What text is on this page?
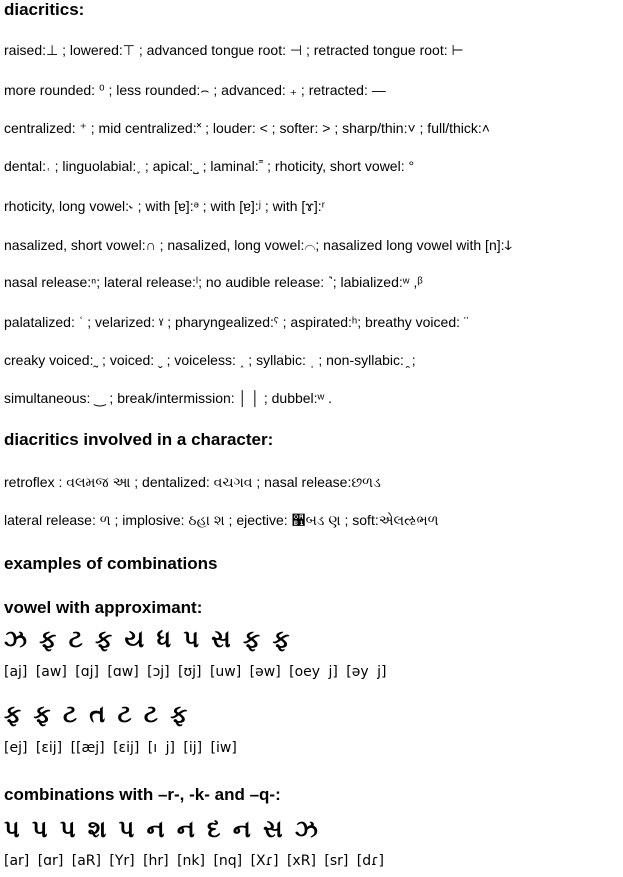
diacritics:
raised:⊥ ; lowered:⊤ ; advanced tongue root: ⊣ ; retracted tongue root: ⊢
more rounded: ⁰ ; less rounded:⌢ ; advanced: ₊ ; retracted: ―
centralized: ⁺ ; mid centralized:˟ ; louder: ˂ ; softer: ˃ ; sharp/thin:˅ ; full/thick:˄
dental:˓ ; linguolabial:˯ ; apical:˽ ; laminal:˭ ; rhoticity, short vowel: °
rhoticity, long vowel:˞ ; with [ɐ]:ᵊ ; with [ɐ]:ʲ ; with [ɤ]:ʳ
nasalized, short vowel:∩ ; nasalized, long vowel:⌒; nasalized long vowel with [n]:ↆ
nasal release:ⁿ; lateral release:ˡ; no audible release: ˺; labialized:ʷ ,ᵝ
palatalized: ʿ ; velarized: ˠ ; pharyngealized:ˤ ; aspirated:ʰ; breathy voiced: ¨
creaky voiced:˷ ; voiced: ˬ ; voiceless: ˰ ; syllabic: ˌ ; non-syllabic: ̯ ;
simultaneous: ‿ ; break/intermission: │ │ ; dubbel:ʷ .
diacritics involved in a character:
retroflex : વલમજ આ ; dentalized: વચગવ ; nasal release:છળડ
lateral release: ળ ; implosive: ઠહા શ ; ejective: ઱બડ ણ ; soft:એલઌભળ
examples of combinations
vowel with approximant:
ઝ ફ ટ ફ ય ધ પ સ ફ ફ
[aj] [aw] [ɑj] [ɑw] [ɔj] [ʊj] [uw] [əw] [oey j] [əy j]
ફ ફ ટ ત ટ ટ ફ
[ej] [ɛij] [[æj] [ɛij] [ı j] [ij] [iw]
combinations with –r-, -k- and –q-:
પ પ પ શ પ ન ન દ ન સ ઝ
[ar] [ɑr] [aR] [Yr] [hr] [nk] [nq] [Xɾ] [xR] [sr] [dɾ]
